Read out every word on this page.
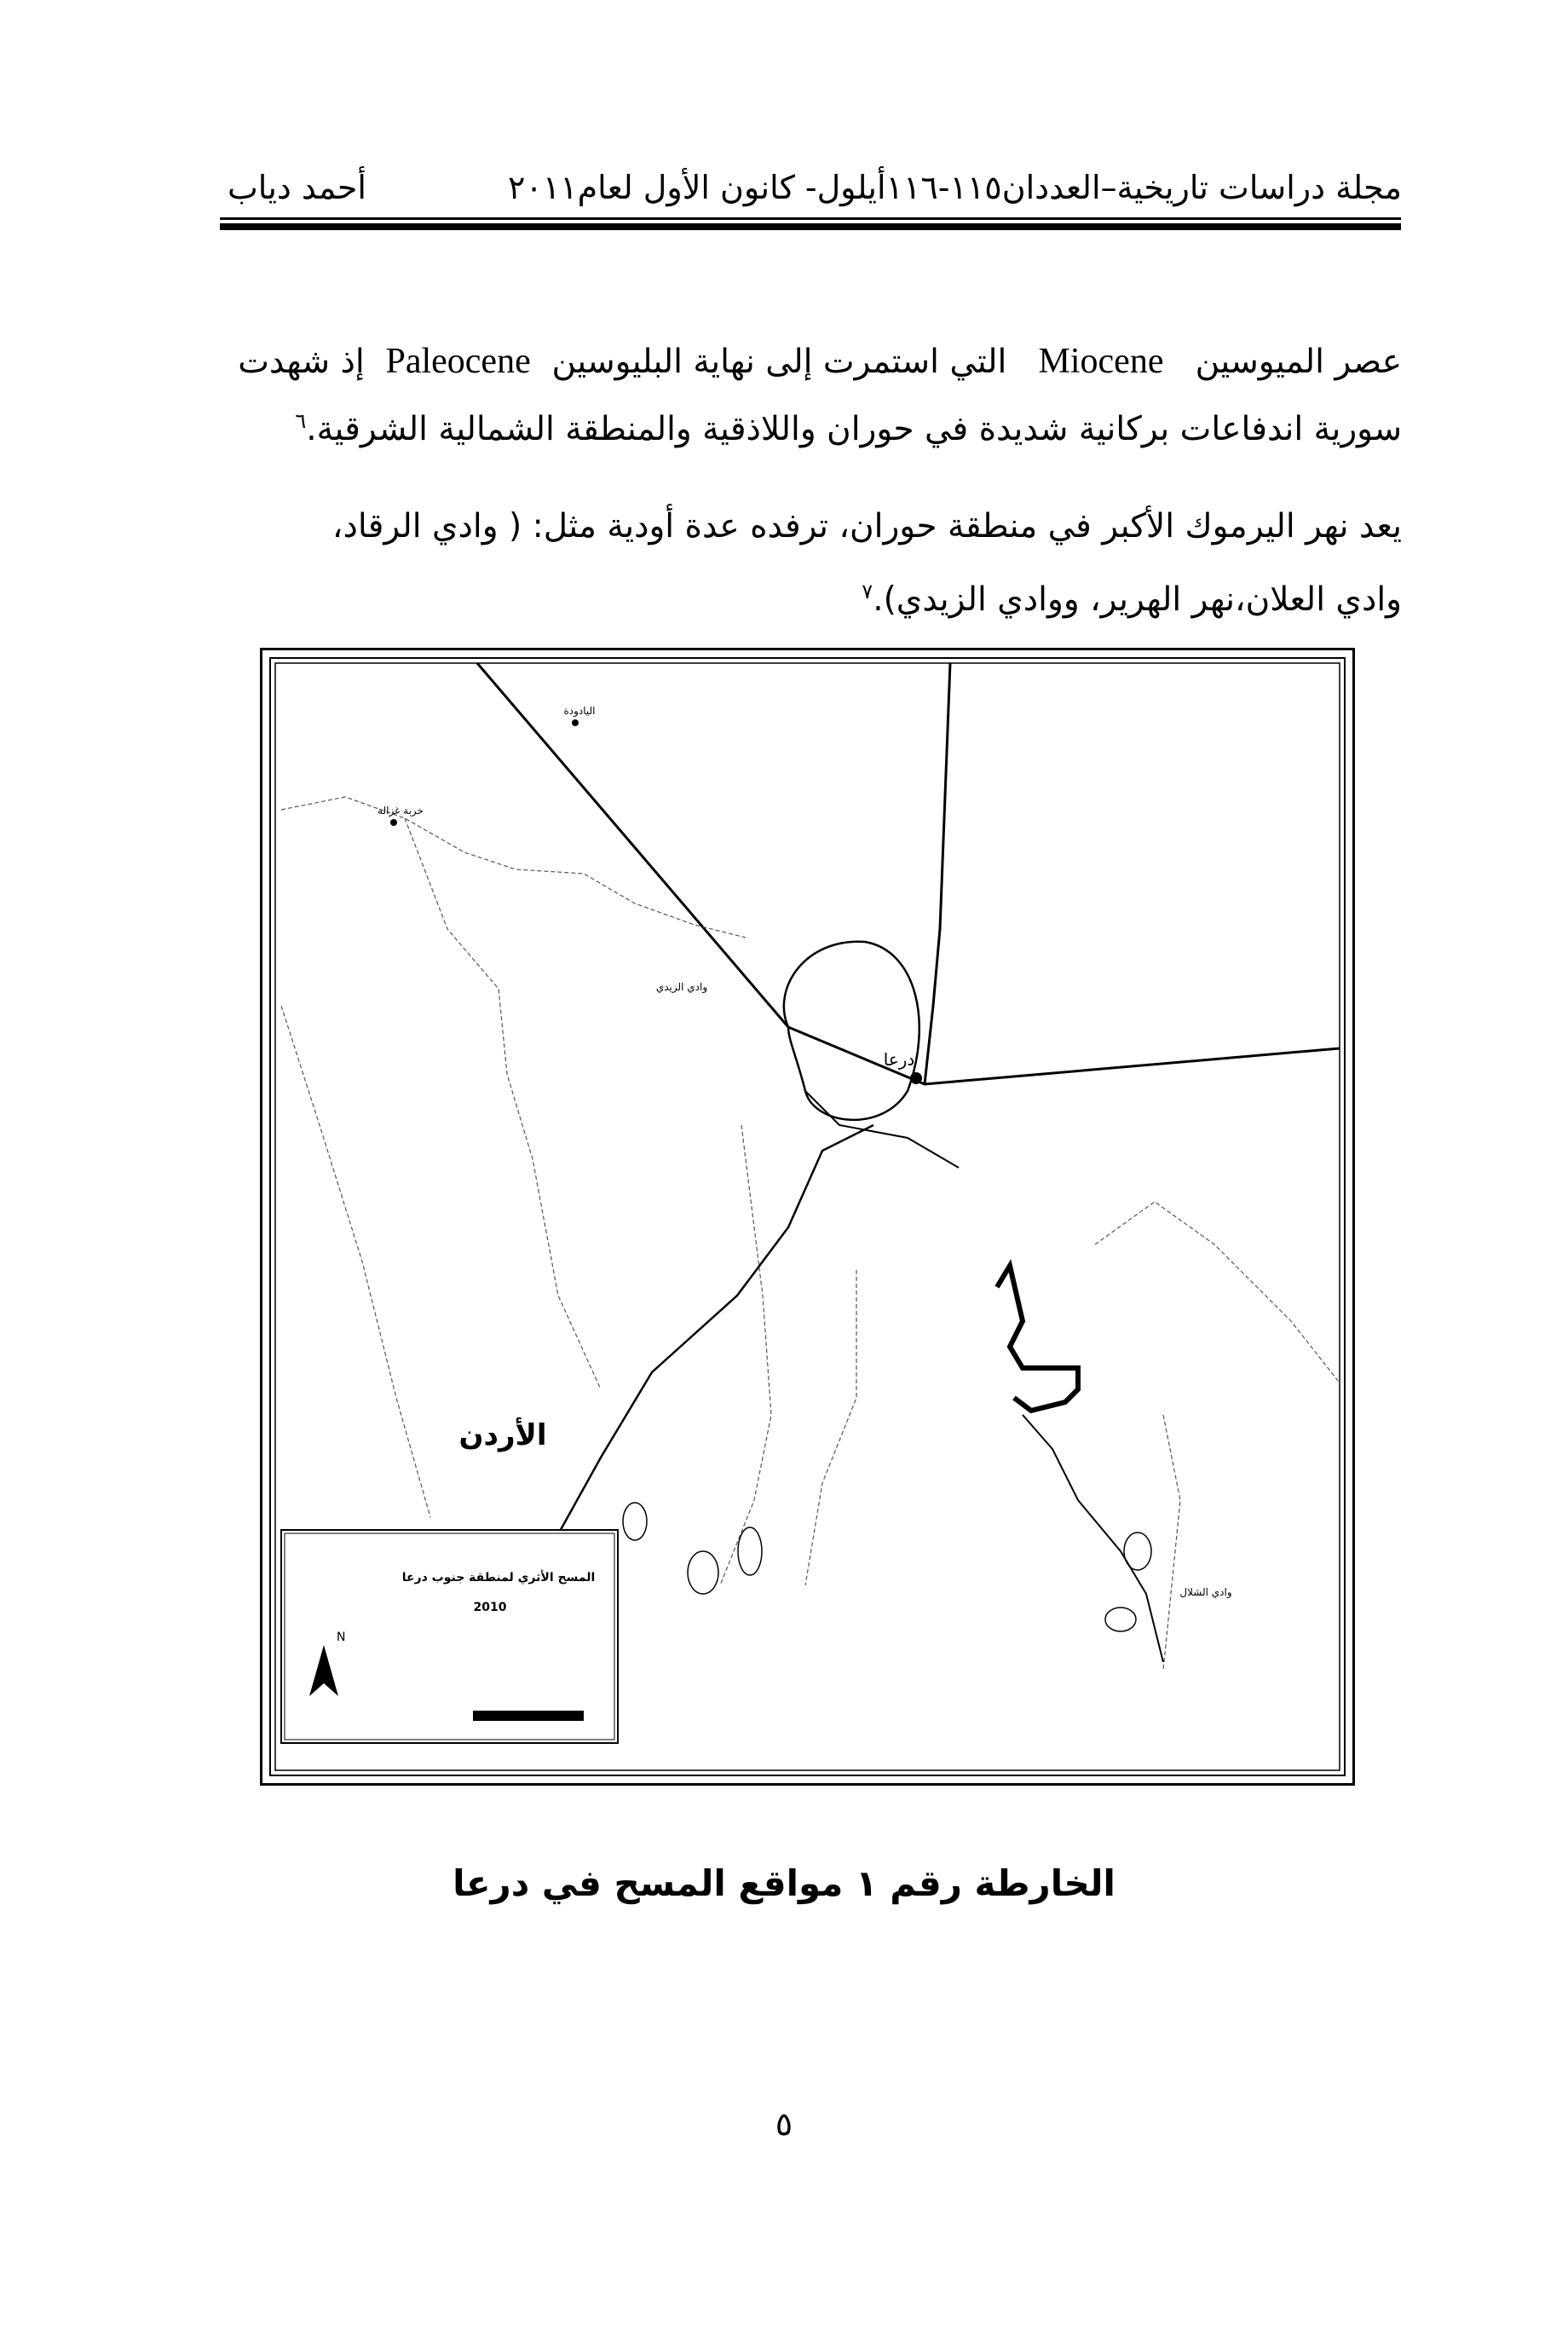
مجلة دراسات تاريخية–العددان١١٥-١١٦أيلول- كانون الأول لعام٢٠١١
أحمد دياب
عصر الميوسين   Miocene   التي استمرت إلى نهاية البليوسين  Paleocene  إذ شهدت
سورية اندفاعات بركانية شديدة في حوران واللاذقية والمنطقة الشمالية الشرقية.$^٦$
يعد نهر اليرموك الأكبر في منطقة حوران، ترفده عدة أودية مثل: ( وادي الرقاد،
وادي العلان،نهر الهرير، ووادي الزيدي).$^٧$
الأردن
درعا
اليادودة
خربة غزالة
وادي الزيدي
وادي الشلال
المسح الأثري لمنطقة جنوب درعا
2010
N
الخارطة رقم ١ مواقع المسح في درعا
٥
